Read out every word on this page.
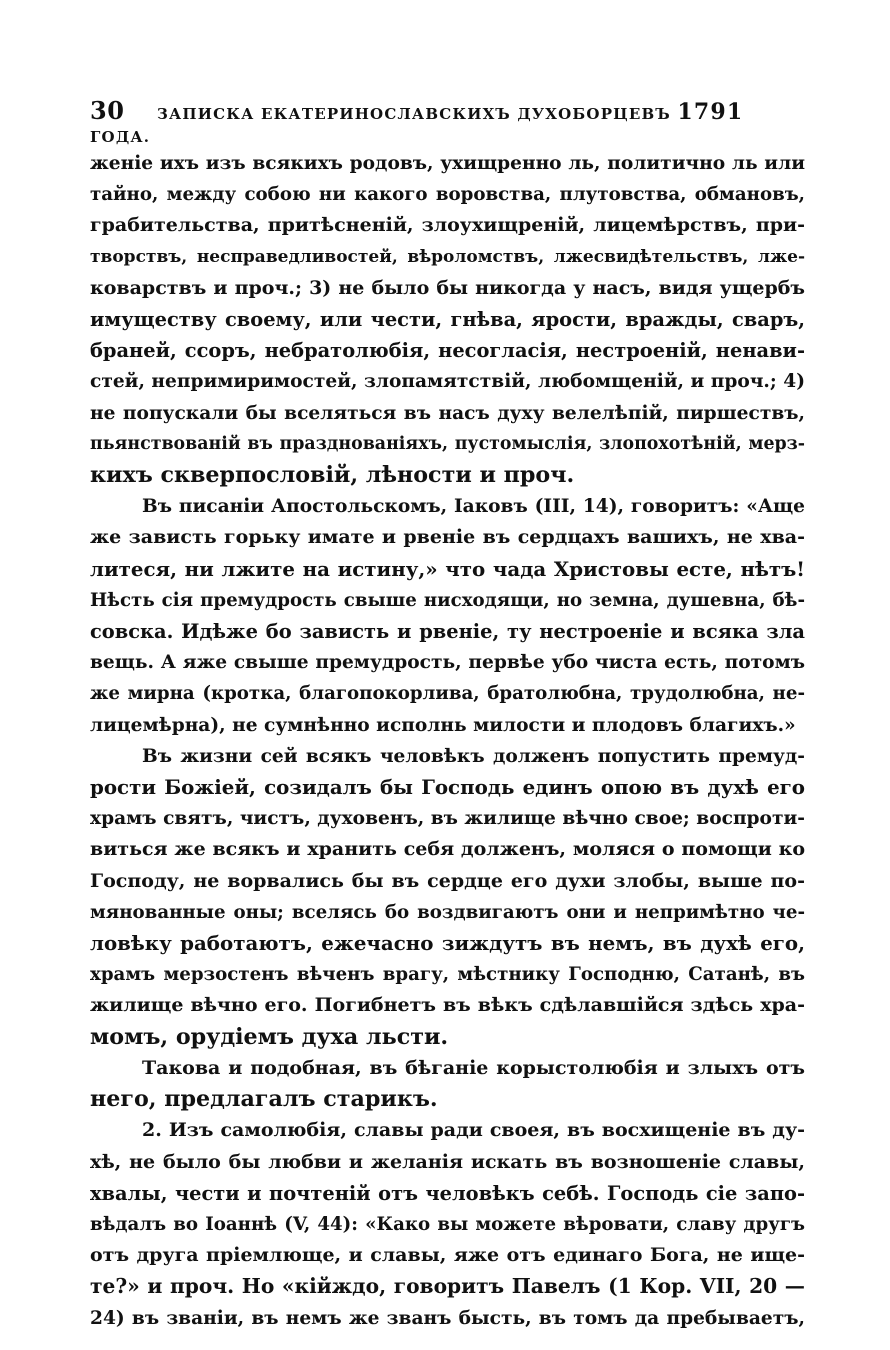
30 ЗАПИСКА ЕКАТЕРИНОСЛАВСКИХЪ ДУХОБОРЦЕВЪ 1791 ГОДА.
женіе ихъ изъ всякихъ родовъ, ухищренно ль, политично ль или
тайно, между собою ни какого воровства, плутовства, обмановъ,
грабительства, притѣсненій, злоухищреній, лицемѣрствъ, при-
творствъ, несправедливостей, вѣроломствъ, лжесвидѣтельствъ, лже-
коварствъ и проч.; 3) не было бы никогда у насъ, видя ущербъ
имуществу своему, или чести, гнѣва, ярости, вражды, сваръ,
браней, ссоръ, небратолюбія, несогласія, нестроеній, ненави-
стей, непримиримостей, злопамятствій, любомщеній, и проч.; 4)
не попускали бы вселяться въ насъ духу велелѣпій, пиршествъ,
пьянствованій въ празднованіяхъ, пустомыслія, злопохотѣній, мерз-
кихъ скверпословій, лѣности и проч.
Въ писаніи Апостольскомъ, Іаковъ (III, 14), говоритъ: «Аще
же зависть горьку имате и рвеніе въ сердцахъ вашихъ, не хва-
литеся, ни лжите на истину,» что чада Христовы есте, нѣтъ!
Нѣсть сія премудрость свыше нисходящи, но земна, душевна, бѣ-
совска. Идѣже бо зависть и рвеніе, ту нестроеніе и всяка зла
вещь. А яже свыше премудрость, первѣе убо чиста есть, потомъ
же мирна (кротка, благопокорлива, братолюбна, трудолюбна, не-
лицемѣрна), не сумнѣнно исполнь милости и плодовъ благихъ.»
Въ жизни сей всякъ человѣкъ долженъ попустить премуд-
рости Божіей, созидалъ бы Господь единъ опою въ духѣ его
храмъ святъ, чистъ, духовенъ, въ жилище вѣчно свое; воспроти-
виться же всякъ и хранить себя долженъ, моляся о помощи ко
Господу, не ворвались бы въ сердце его духи злобы, выше по-
мянованные оны; вселясь бо воздвигаютъ они и непримѣтно че-
ловѣку работаютъ, ежечасно зиждутъ въ немъ, въ духѣ его,
храмъ мерзостенъ вѣченъ врагу, мѣстнику Господню, Сатанѣ, въ
жилище вѣчно его. Погибнетъ въ вѣкъ сдѣлавшійся здѣсь хра-
момъ, орудіемъ духа льсти.
Такова и подобная, въ бѣганіе корыстолюбія и злыхъ отъ
него, предлагалъ старикъ.
2. Изъ самолюбія, славы ради своея, въ восхищеніе въ ду-
хѣ, не было бы любви и желанія искать въ возношеніе славы,
хвалы, чести и почтеній отъ человѣкъ себѣ. Господь сіе запо-
вѣдалъ во Іоаннѣ (V, 44): «Како вы можете вѣровати, славу другъ
отъ друга пріемлюще, и славы, яже отъ единаго Бога, не ище-
те?» и проч. Но «кійждо, говоритъ Павелъ (1 Кор. VII, 20 —
24) въ званіи, въ немъ же званъ бысть, въ томъ да пребываетъ,
